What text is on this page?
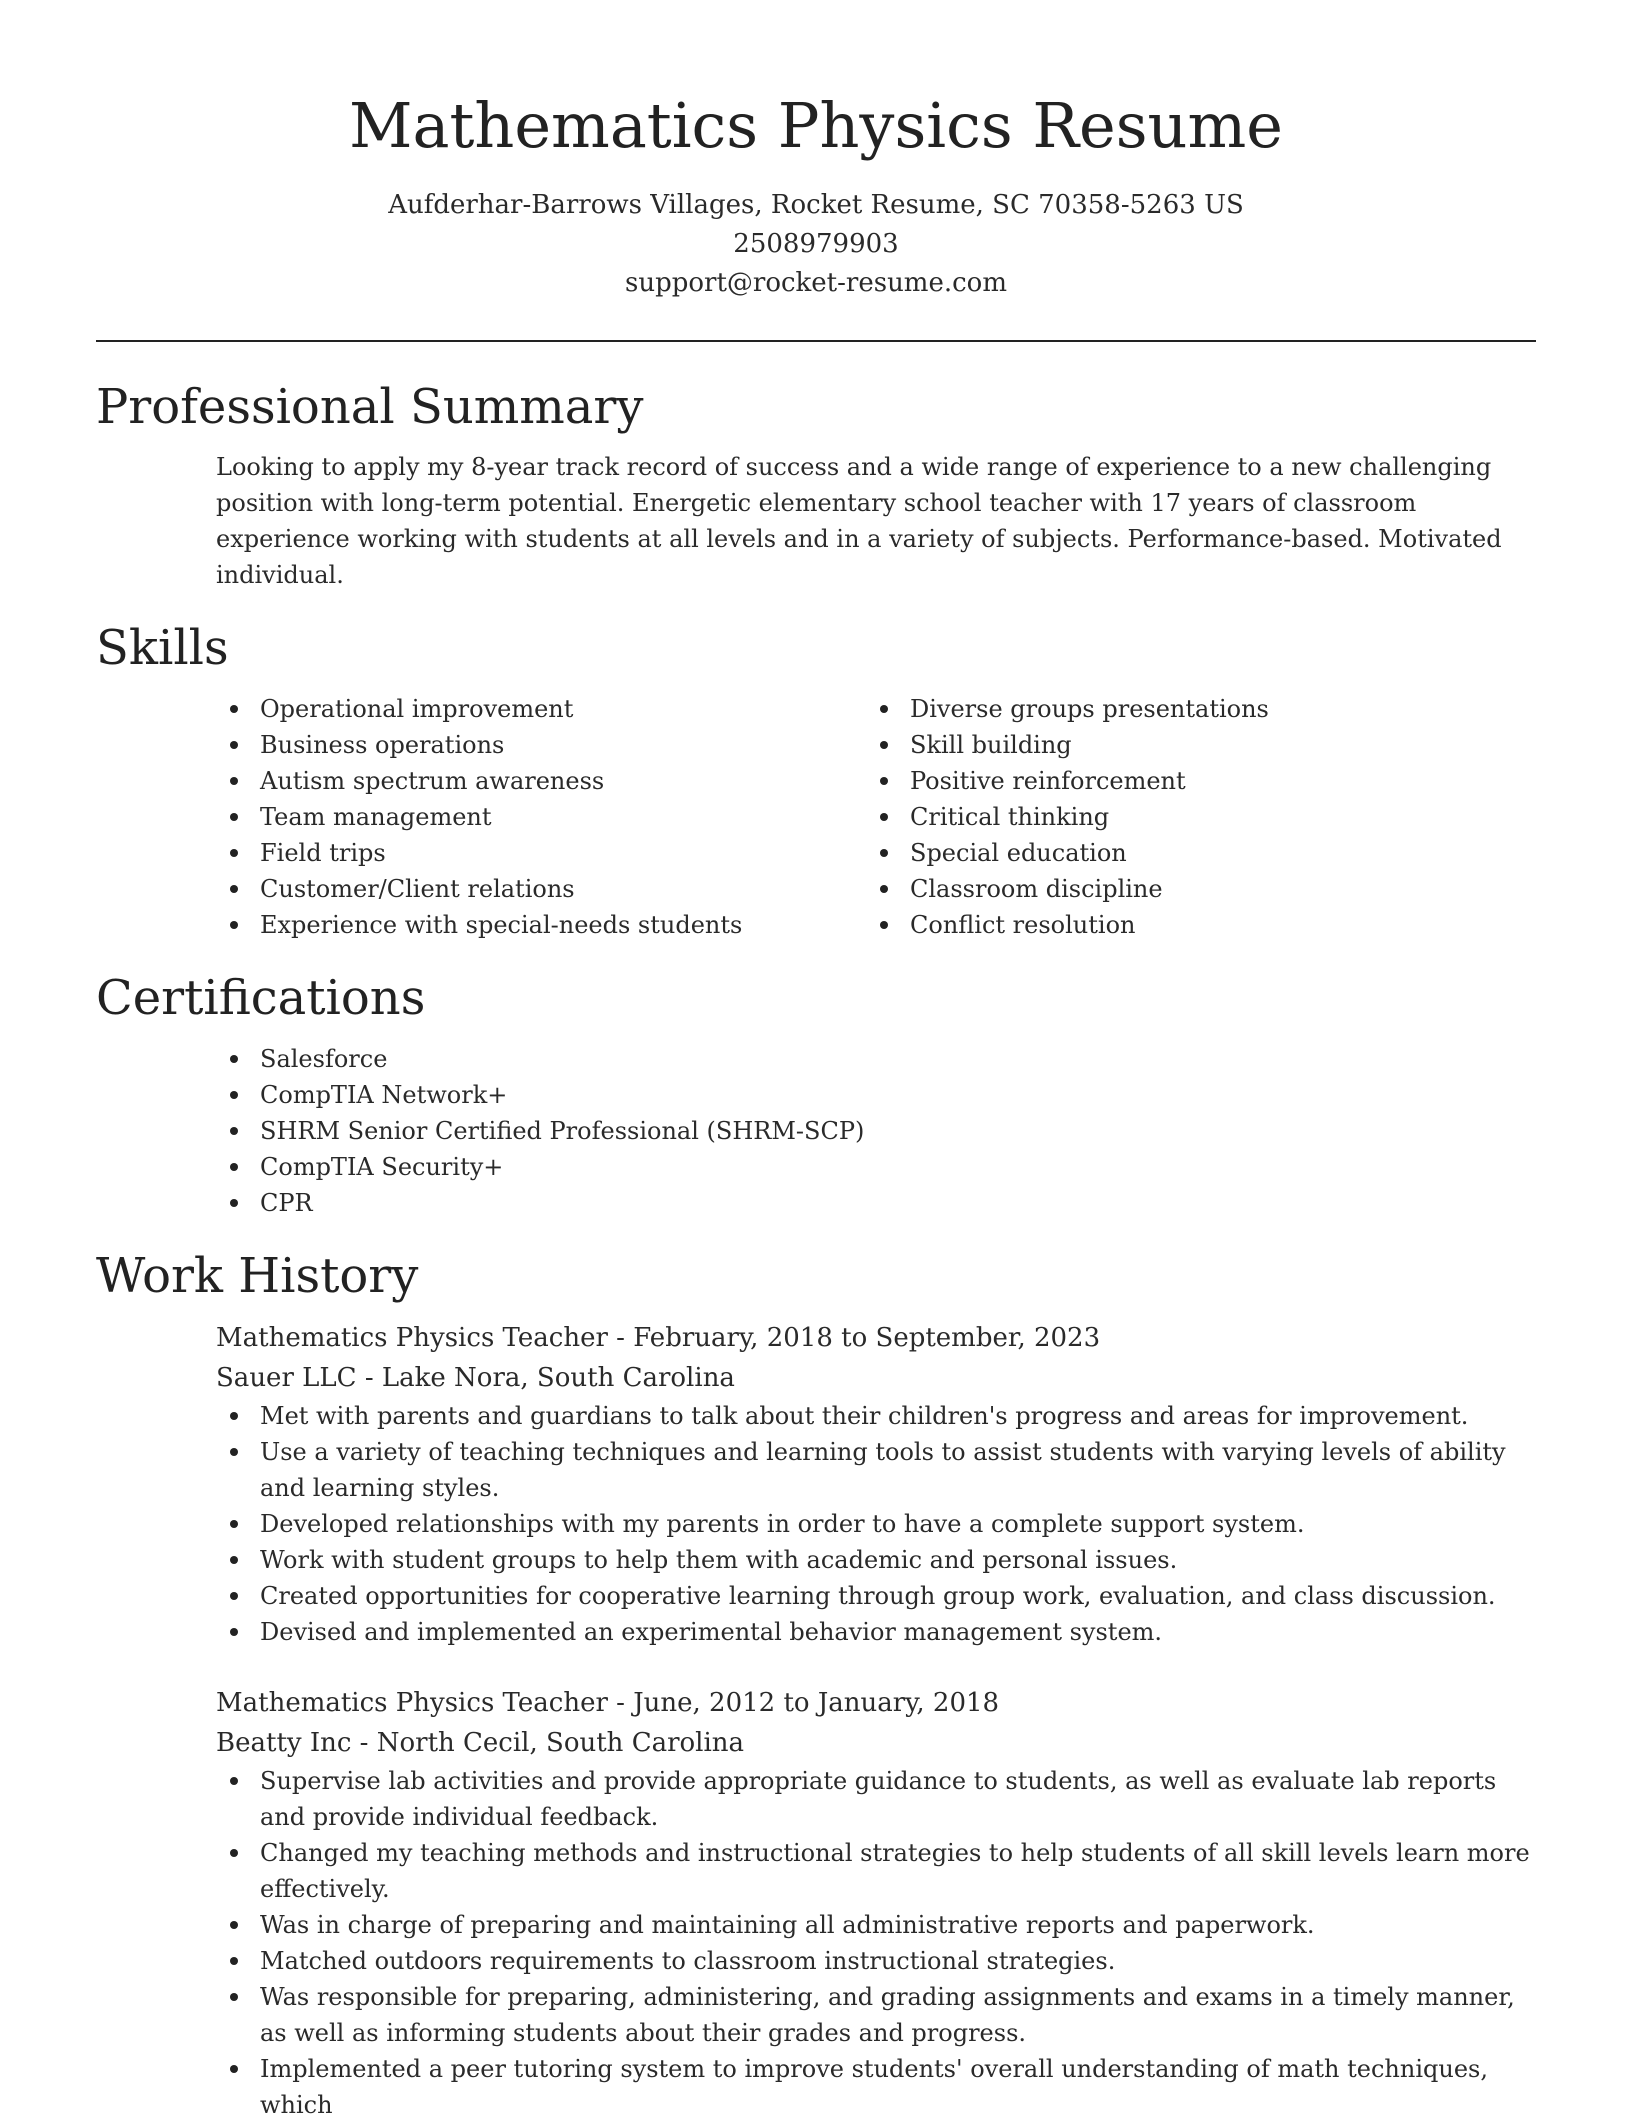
Mathematics Physics Resume

Aufderhar-Barrows Villages, Rocket Resume, SC 70358-5263 US

2508979903

support@rocket-resume.com

Professional Summary

Looking to apply my 8-year track record of success and a wide range of experience to a new challenging position with long-term potential. Energetic elementary school teacher with 17 years of classroom experience working with students at all levels and in a variety of subjects. Performance-based. Motivated individual.

Skills
Operational improvement
Business operations
Autism spectrum awareness
Team management
Field trips
Customer/Client relations
Experience with special-needs students
Diverse groups presentations
Skill building
Positive reinforcement
Critical thinking
Special education
Classroom discipline
Conflict resolution
Certifications
Salesforce
CompTIA Network+
SHRM Senior Certified Professional (SHRM-SCP)
CompTIA Security+
CPR
Work History

Mathematics Physics Teacher - February, 2018 to September, 2023

Sauer LLC - Lake Nora, South Carolina

Met with parents and guardians to talk about their children's progress and areas for improvement.
Use a variety of teaching techniques and learning tools to assist students with varying levels of ability and learning styles.
Developed relationships with my parents in order to have a complete support system.
Work with student groups to help them with academic and personal issues.
Created opportunities for cooperative learning through group work, evaluation, and class discussion.
Devised and implemented an experimental behavior management system.

Mathematics Physics Teacher - June, 2012 to January, 2018

Beatty Inc - North Cecil, South Carolina

Supervise lab activities and provide appropriate guidance to students, as well as evaluate lab reports and provide individual feedback.
Changed my teaching methods and instructional strategies to help students of all skill levels learn more effectively.
Was in charge of preparing and maintaining all administrative reports and paperwork.
Matched outdoors requirements to classroom instructional strategies.
Was responsible for preparing, administering, and grading assignments and exams in a timely manner, as well as informing students about their grades and progress.
Implemented a peer tutoring system to improve students' overall understanding of math techniques, which
